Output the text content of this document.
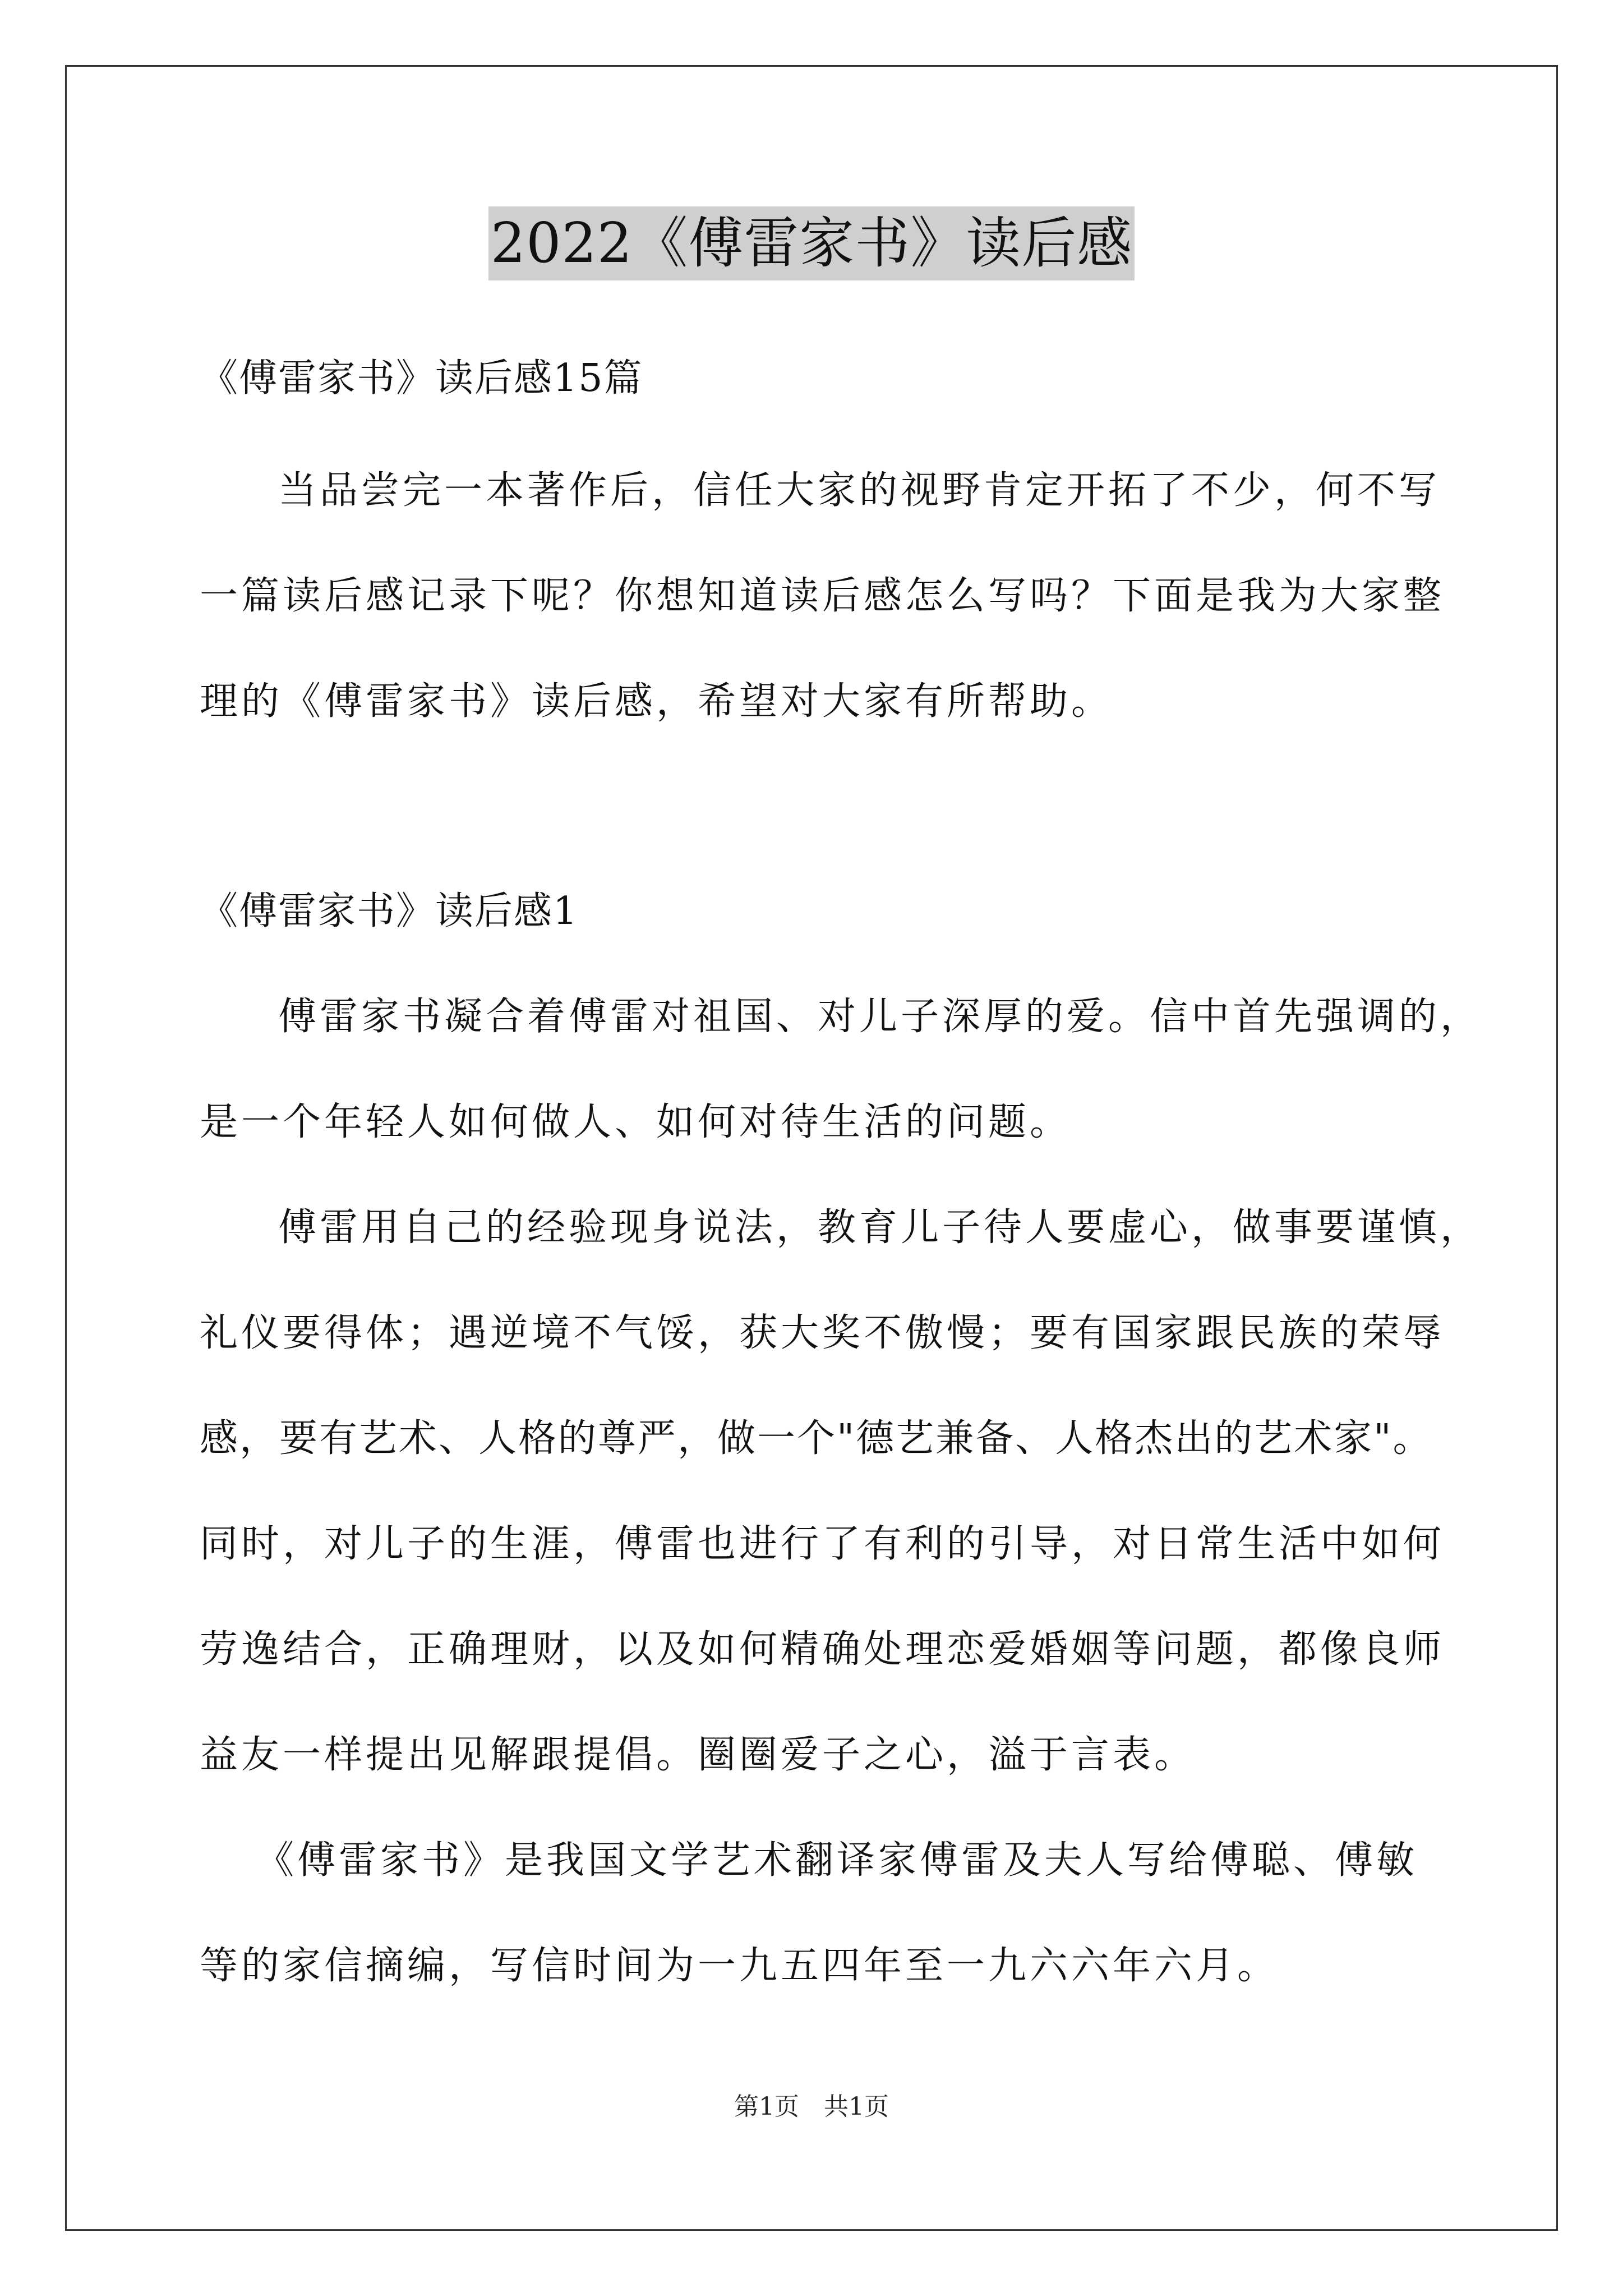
2022《傅雷家书》读后感
《傅雷家书》读后感15篇
当品尝完一本著作后，信任大家的视野肯定开拓了不少，何不写
一篇读后感记录下呢？你想知道读后感怎么写吗？下面是我为大家整
理的《傅雷家书》读后感，希望对大家有所帮助。
《傅雷家书》读后感1
傅雷家书凝合着傅雷对祖国、对儿子深厚的爱。信中首先强调的，
是一个年轻人如何做人、如何对待生活的问题。
傅雷用自己的经验现身说法，教育儿子待人要虚心，做事要谨慎，
礼仪要得体；遇逆境不气馁，获大奖不傲慢；要有国家跟民族的荣辱
感，要有艺术、人格的尊严，做一个"德艺兼备、人格杰出的艺术家"。
同时，对儿子的生涯，傅雷也进行了有利的引导，对日常生活中如何
劳逸结合，正确理财，以及如何精确处理恋爱婚姻等问题，都像良师
益友一样提出见解跟提倡。圈圈爱子之心，溢于言表。
《傅雷家书》是我国文学艺术翻译家傅雷及夫人写给傅聪、傅敏
等的家信摘编，写信时间为一九五四年至一九六六年六月。
第1页　共1页
